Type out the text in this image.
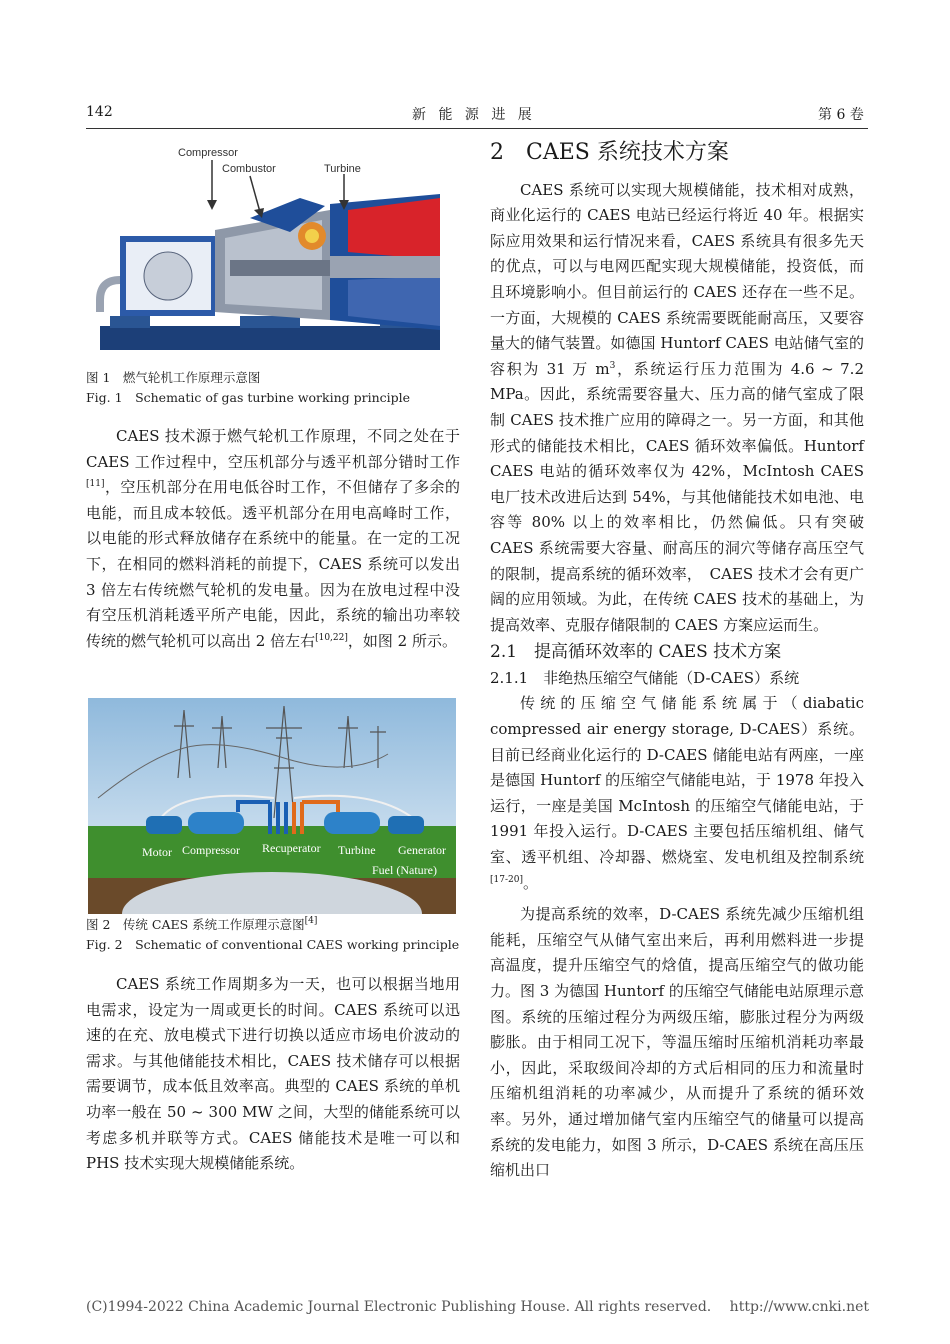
142	新 能 源 进 展	第 6 卷
Compressor
Combustor	Turbine
图 1　燃气轮机工作原理示意图
Fig. 1　Schematic of gas turbine working principle

CAES 技术源于燃气轮机工作原理，不同之处在于 CAES 工作过程中，空压机部分与透平机部分错时工作[11]，空压机部分在用电低谷时工作，不但储存了多余的电能，而且成本较低。透平机部分在用电高峰时工作，以电能的形式释放储存在系统中的能量。在一定的工况下，在相同的燃料消耗的前提下，CAES 系统可以发出 3 倍左右传统燃气轮机的发电量。因为在放电过程中没有空压机消耗透平所产电能，因此，系统的输出功率较传统的燃气轮机可以高出 2 倍左右[10,22]，如图 2 所示。

Motor Compressor Recuperator Turbine Generator
Fuel (Nature)
图 2　传统 CAES 系统工作原理示意图[4]
Fig. 2　Schematic of conventional CAES working principle

CAES 系统工作周期多为一天，也可以根据当地用电需求，设定为一周或更长的时间。CAES 系统可以迅速的在充、放电模式下进行切换以适应市场电价波动的需求。与其他储能技术相比，CAES 技术储存可以根据需要调节，成本低且效率高。典型的 CAES 系统的单机功率一般在 50 ~ 300 MW 之间，大型的储能系统可以考虑多机并联等方式。CAES 储能技术是唯一可以和 PHS 技术实现大规模储能系统。

2　CAES 系统技术方案

CAES 系统可以实现大规模储能，技术相对成熟，商业化运行的 CAES 电站已经运行将近 40 年。根据实际应用效果和运行情况来看，CAES 系统具有很多先天的优点，可以与电网匹配实现大规模储能，投资低，而且环境影响小。但目前运行的 CAES 还存在一些不足。一方面，大规模的 CAES 系统需要既能耐高压，又要容量大的储气装置。如德国 Huntorf CAES 电站储气室的容积为 31 万 $m^3$，系统运行压力范围为 4.6 ~ 7.2 MPa。因此，系统需要容量大、压力高的储气室成了限制 CAES 技术推广应用的障碍之一。另一方面，和其他形式的储能技术相比，CAES 循环效率偏低。Huntorf CAES 电站的循环效率仅为 42%，McIntosh CAES 电厂技术改进后达到 54%，与其他储能技术如电池、电容等 80% 以上的效率相比，仍然偏低。只有突破 CAES 系统需要大容量、耐高压的洞穴等储存高压空气的限制，提高系统的循环效率，　CAES 技术才会有更广阔的应用领域。为此，在传统 CAES 技术的基础上，为提高效率、克服存储限制的 CAES 方案应运而生。

2.1　提高循环效率的 CAES 技术方案
2.1.1　非绝热压缩空气储能（D-CAES）系统

传统的压缩空气储能系统属于（diabatic compressed air energy storage, D-CAES）系统。目前已经商业化运行的 D-CAES 储能电站有两座，一座是德国 Huntorf 的压缩空气储能电站，于 1978 年投入运行，一座是美国 McIntosh 的压缩空气储能电站，于 1991 年投入运行。D-CAES 主要包括压缩机组、储气室、透平机组、冷却器、燃烧室、发电机组及控制系统[17-20]。

为提高系统的效率，D-CAES 系统先减少压缩机组能耗，压缩空气从储气室出来后，再利用燃料进一步提高温度，提升压缩空气的焓值，提高压缩空气的做功能力。图 3 为德国 Huntorf 的压缩空气储能电站原理示意图。系统的压缩过程分为两级压缩，膨胀过程分为两级膨胀。由于相同工况下，等温压缩时压缩机消耗功率最小，因此，采取级间冷却的方式后相同的压力和流量时压缩机组消耗的功率减少，从而提升了系统的循环效率。另外，通过增加储气室内压缩空气的储量可以提高系统的发电能力，如图 3 所示，D-CAES 系统在高压压缩机出口

(C)1994-2022 China Academic Journal Electronic Publishing House. All rights reserved.　 http://www.cnki.net
